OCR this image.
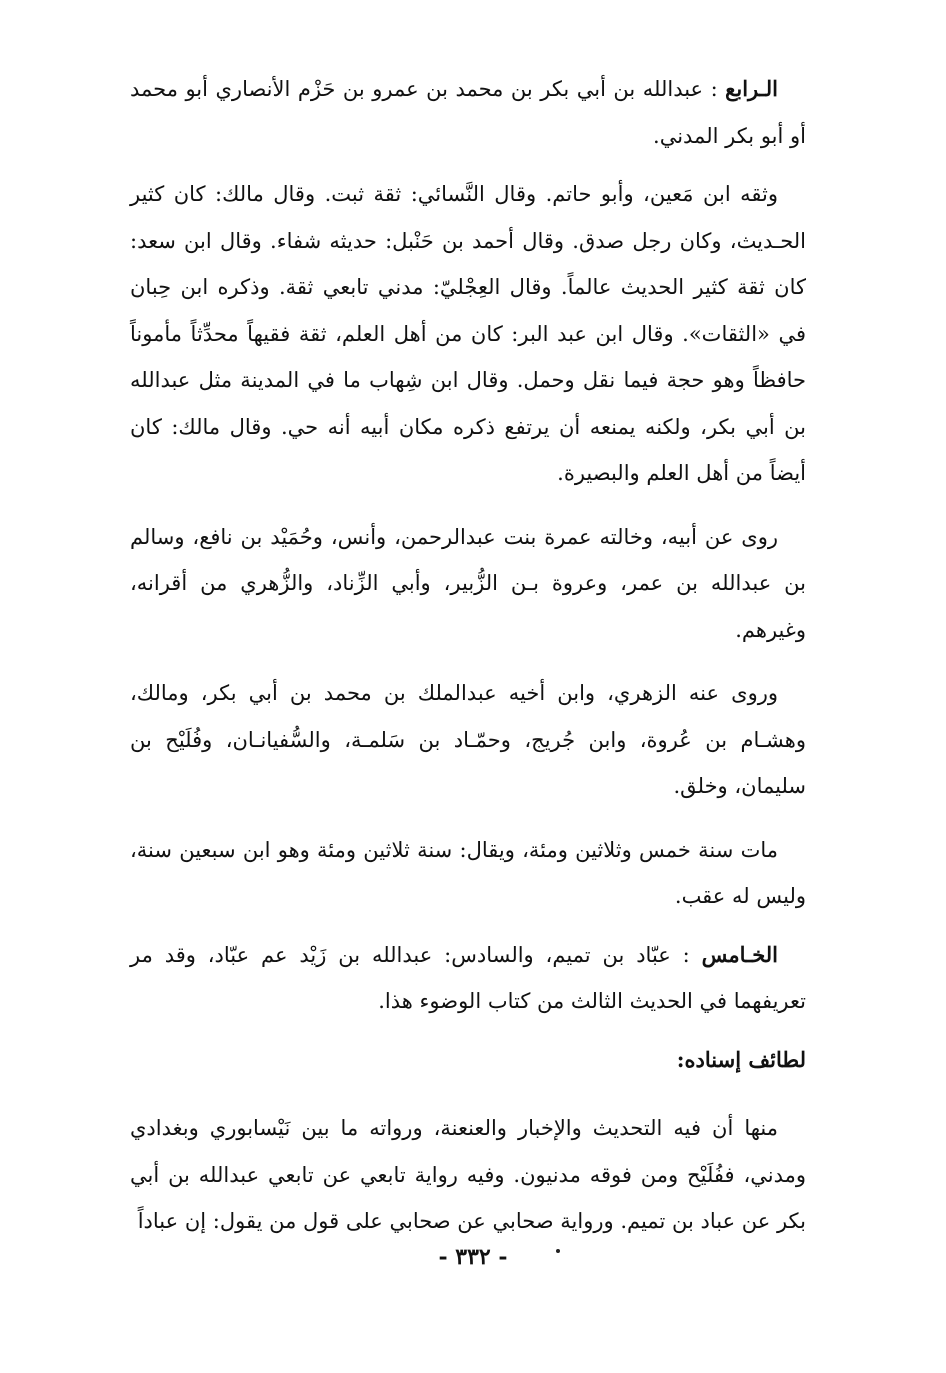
الـرابع : عبدالله بن أبي بكر بن محمد بن عمرو بن حَزْم الأنصاري أبو محمد أو أبو بكر المدني.

وثقه ابن مَعين، وأبو حاتم. وقال النَّسائي: ثقة ثبت. وقال مالك: كان كثير الحـديث، وكان رجل صدق. وقال أحمد بن حَنْبل: حديثه شفاء. وقال ابن سعد: كان ثقة كثير الحديث عالماً. وقال العِجْليّ: مدني تابعي ثقة. وذكره ابن حِبان في «الثقات». وقال ابن عبد البر: كان من أهل العلم، ثقة فقيهاً محدِّثاً مأموناً حافظاً وهو حجة فيما نقل وحمل. وقال ابن شِهاب ما في المدينة مثل عبدالله بن أبي بكر، ولكنه يمنعه أن يرتفع ذكره مكان أبيه أنه حي. وقال مالك: كان أيضاً من أهل العلم والبصيرة.

روى عن أبيه، وخالته عمرة بنت عبدالرحمن، وأنس، وحُمَيْد بن نافع، وسالم بن عبدالله بن عمر، وعروة بـن الزُّبير، وأبي الزِّناد، والزُّهري من أقرانه، وغيرهم.

وروى عنه الزهري، وابن أخيه عبدالملك بن محمد بن أبي بكر، ومالك، وهشـام بن عُروة، وابن جُريج، وحمّـاد بن سَلمـة، والسُّفيانـان، وفُلَيْح بن سليمان، وخلق.

مات سنة خمس وثلاثين ومئة، ويقال: سنة ثلاثين ومئة وهو ابن سبعين سنة، وليس له عقب.

الخـامس : عبّاد بن تميم، والسادس: عبدالله بن زَيْد عم عبّاد، وقد مر تعريفهما في الحديث الثالث من كتاب الوضوء هذا.

لطائف إسناده:

منها أن فيه التحديث والإخبار والعنعنة، ورواته ما بين نَيْسابوري وبغدادي ومدني، ففُلَيْح ومن فوقه مدنيون. وفيه رواية تابعي عن تابعي عبدالله بن أبي بكر عن عباد بن تميم. ورواية صحابي عن صحابي على قول من يقول: إن عباداً

- ٣٣٢ -
